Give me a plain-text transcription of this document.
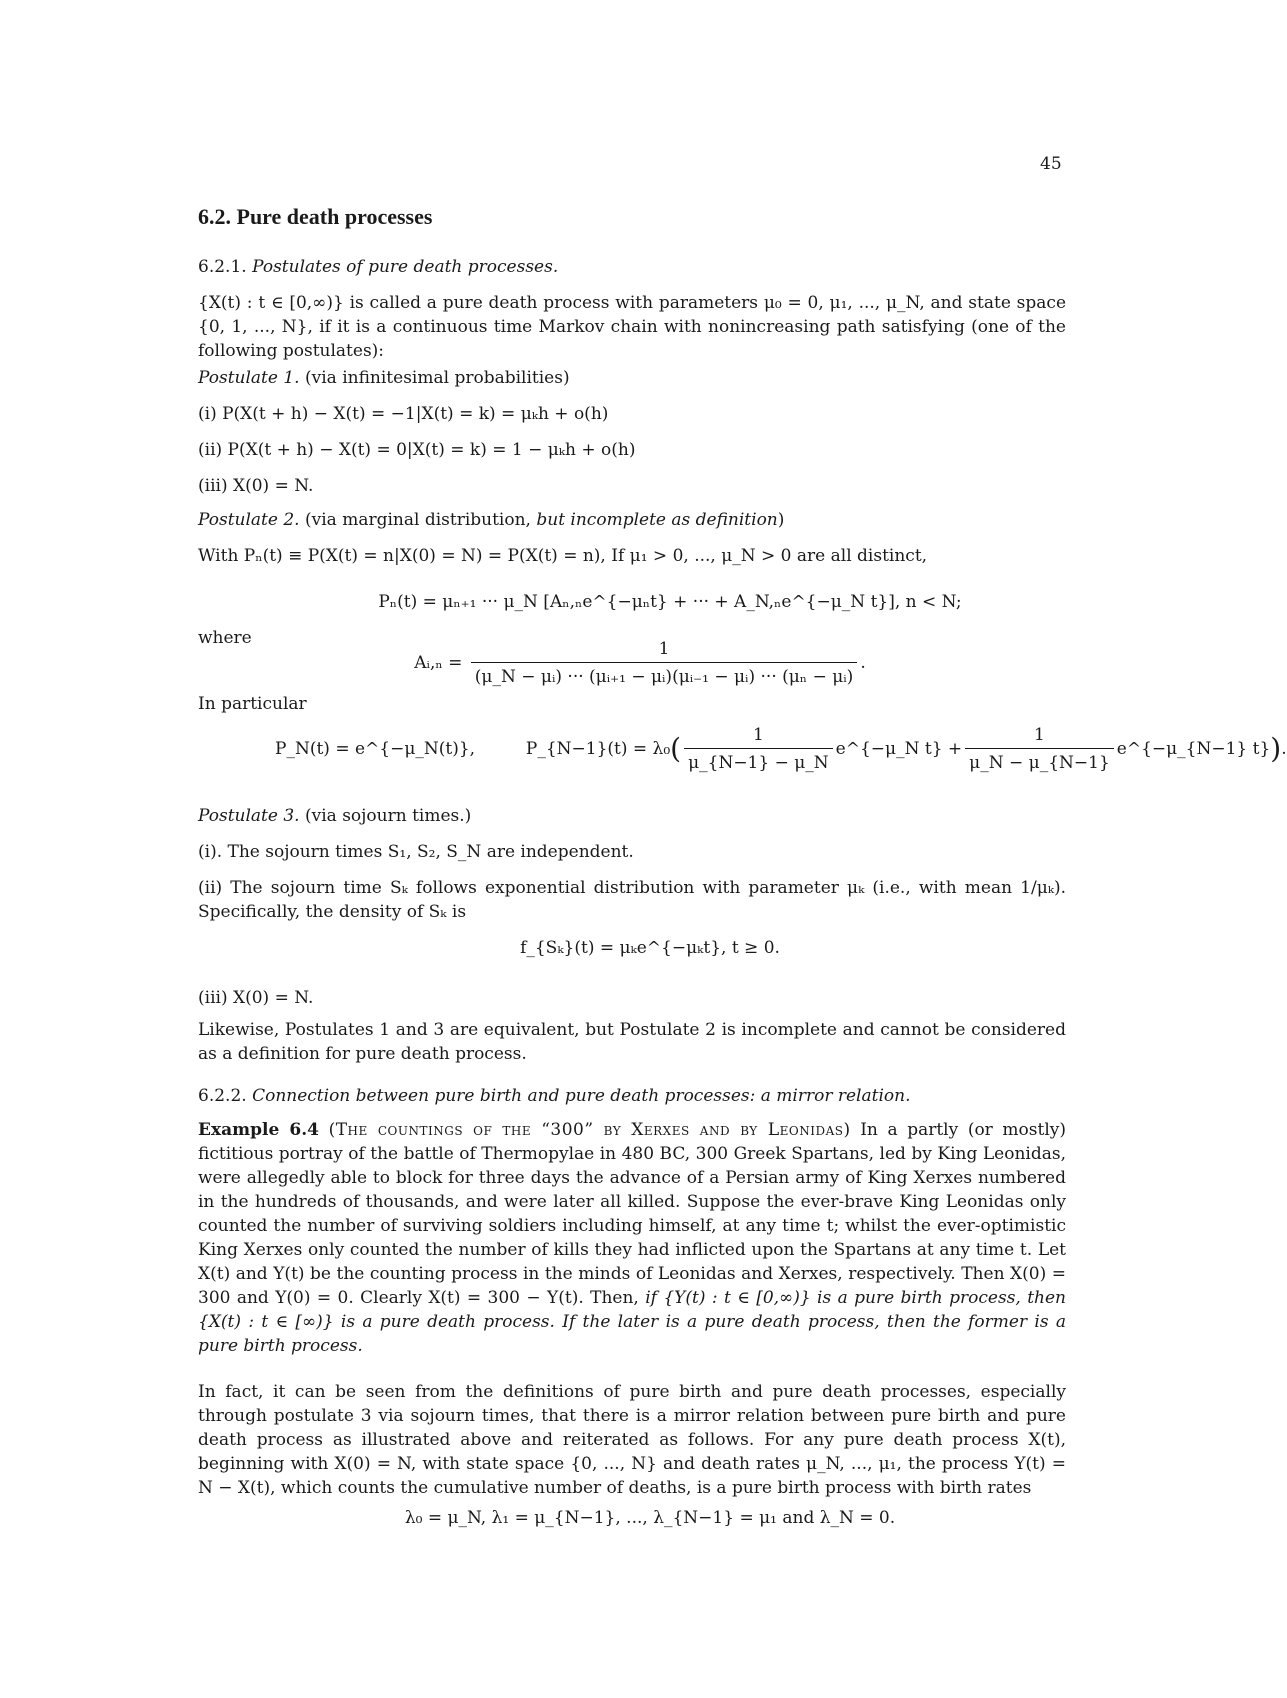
45
6.2. Pure death processes
6.2.1. Postulates of pure death processes.
{X(t) : t ∈ [0,∞)} is called a pure death process with parameters μ₀ = 0, μ₁, ..., μ_N, and state space {0, 1, ..., N}, if it is a continuous time Markov chain with nonincreasing path satisfying (one of the following postulates):
Postulate 1. (via infinitesimal probabilities)
(i) P(X(t + h) − X(t) = −1|X(t) = k) = μₖh + o(h)
(ii) P(X(t + h) − X(t) = 0|X(t) = k) = 1 − μₖh + o(h)
(iii) X(0) = N.
Postulate 2. (via marginal distribution, but incomplete as definition)
With Pₙ(t) ≡ P(X(t) = n|X(0) = N) = P(X(t) = n), If μ₁ > 0, ..., μ_N > 0 are all distinct,
Pₙ(t) = μₙ₊₁ ··· μ_N [Aₙ,ₙe^{−μₙt} + ··· + A_N,ₙe^{−μ_N t}], n < N;
where
Aᵢ,ₙ = $\frac{1}{\text{(μ\_N − μᵢ) ··· (μᵢ₊₁ − μᵢ)(μᵢ₋₁ − μᵢ) ··· (μₙ − μᵢ)}}$ .
In particular
P_N(t) = e^{−μ_N(t)},	P_{N−1}(t) = $\lambda_0( \frac{1}{\mu\_\{N-1\} - \mu\_N}$ e^{−μ_N $t\} + \frac{1}{\mu\_N - \mu\_\{N-1\}}$ e^{−μ_{N−1} t}).
Postulate 3. (via sojourn times.)
(i). The sojourn times S₁, S₂, S_N are independent.
(ii) The sojourn time Sₖ follows exponential distribution with parameter μₖ (i.e., with mean 1/μₖ). Specifically, the density of Sₖ is
f_{Sₖ}(t) = μₖe^{−μₖt}, t ≥ 0.
(iii) X(0) = N.
Likewise, Postulates 1 and 3 are equivalent, but Postulate 2 is incomplete and cannot be considered as a definition for pure death process.
6.2.2. Connection between pure birth and pure death processes: a mirror relation.
Example 6.4 (The countings of the “300” by Xerxes and by Leonidas) In a partly (or mostly) fictitious portray of the battle of Thermopylae in 480 BC, 300 Greek Spartans, led by King Leonidas, were allegedly able to block for three days the advance of a Persian army of King Xerxes numbered in the hundreds of thousands, and were later all killed. Suppose the ever-brave King Leonidas only counted the number of surviving soldiers including himself, at any time t; whilst the ever-optimistic King Xerxes only counted the number of kills they had inflicted upon the Spartans at any time t. Let X(t) and Y(t) be the counting process in the minds of Leonidas and Xerxes, respectively. Then X(0) = 300 and Y(0) = 0. Clearly X(t) = 300 − Y(t). Then, if {Y(t) : t ∈ [0,∞)} is a pure birth process, then {X(t) : t ∈ [∞)} is a pure death process. If the later is a pure death process, then the former is a pure birth process.
In fact, it can be seen from the definitions of pure birth and pure death processes, especially through postulate 3 via sojourn times, that there is a mirror relation between pure birth and pure death process as illustrated above and reiterated as follows. For any pure death process X(t), beginning with X(0) = N, with state space {0, ..., N} and death rates μ_N, ..., μ₁, the process Y(t) = N − X(t), which counts the cumulative number of deaths, is a pure birth process with birth rates
λ₀ = μ_N, λ₁ = μ_{N−1}, ..., λ_{N−1} = μ₁ and λ_N = 0.
